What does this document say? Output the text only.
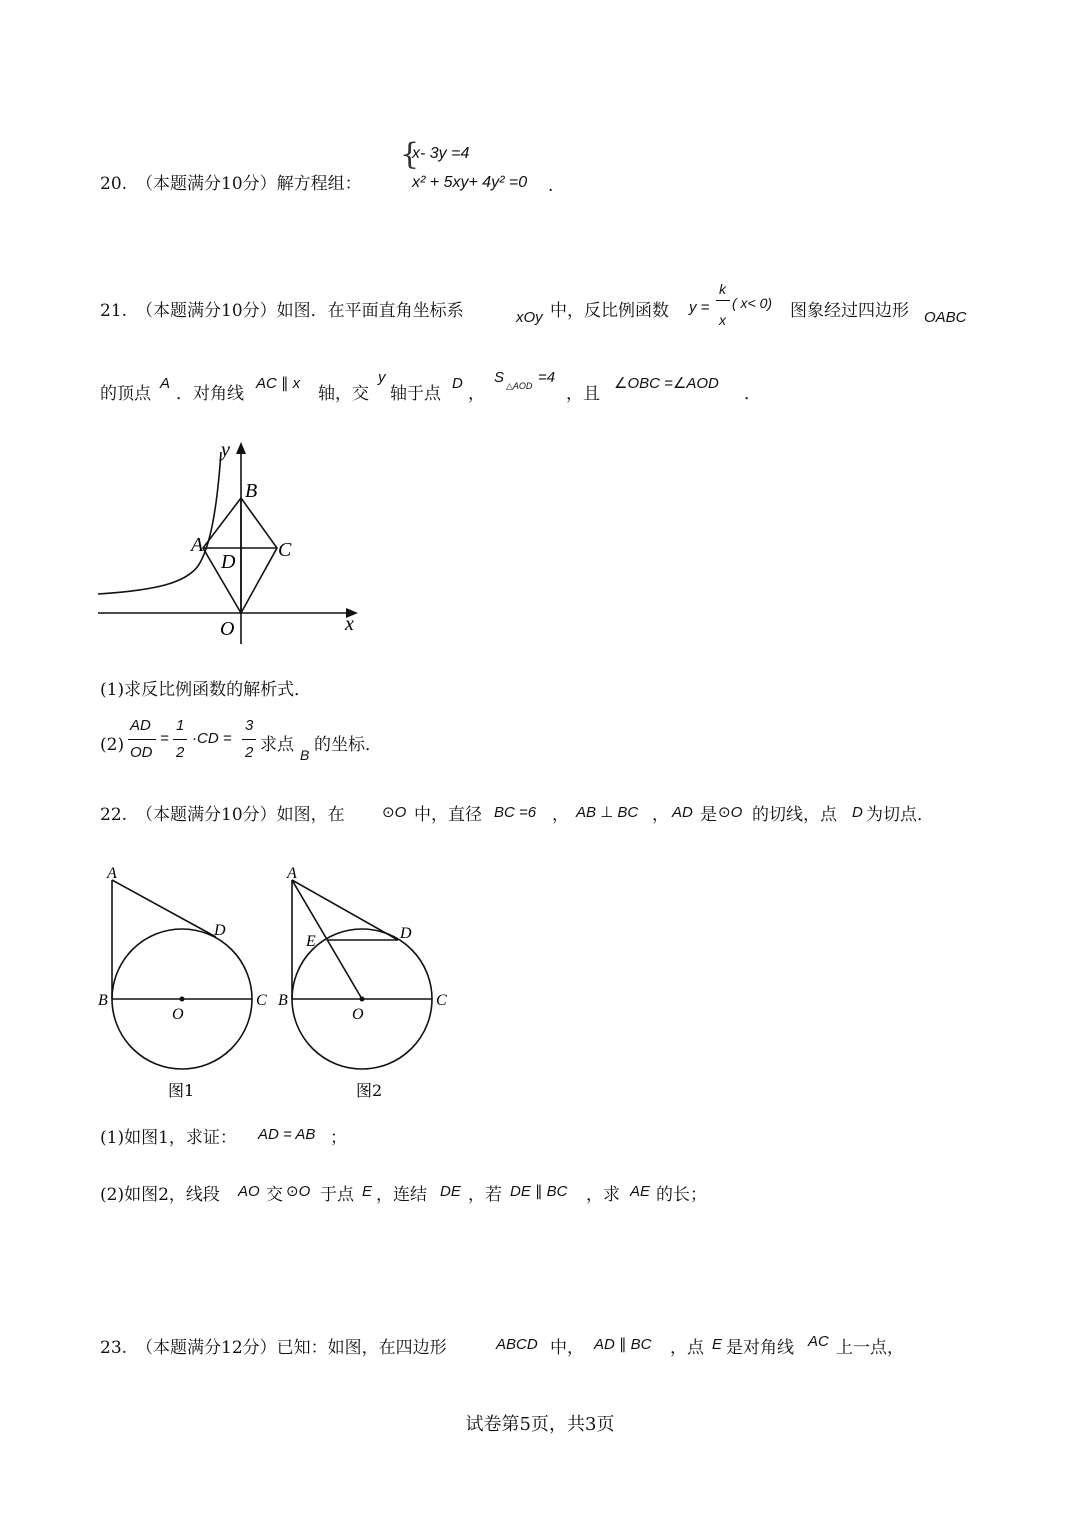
20. （本题满分10分）解方程组：
{
x- 3y =4
x² + 5xy+ 4y² =0 .
21. （本题满分10分）如图．在平面直角坐标系	xOy 中，反比例函数 y =
k
x
( x< 0) 图象经过四边形 OABC
的顶点
A
．对角线
AC ∥ x
轴，交
y
轴于点
D
，
S △AOD =4
，且
∠OBC =∠AOD
．
y
x
O
A
B
C
D
(1)求反比例函数的解析式．
(2)
AD
OD
=
1
2
·CD =
3
2 求点 B 的坐标．
22. （本题满分10分）如图，在 ⊙O 中，直径 BC =6 ， AB ⊥ BC ， AD 是 ⊙O 的切线，点 D 为切点．
A
D
B	C
O
图1
A
D
E
B	C
O
图2
(1)如图1，求证： AD = AB ；
(2)如图2，线段 AO 交 ⊙O 于点 E ，连结 DE ，若 DE ∥ BC ，求 AE 的长；
23. （本题满分12分）已知：如图，在四边形	ABCD 中， AD ∥ BC ，点 E 是对角线 AC 上一点，
试卷第5页，共3页
